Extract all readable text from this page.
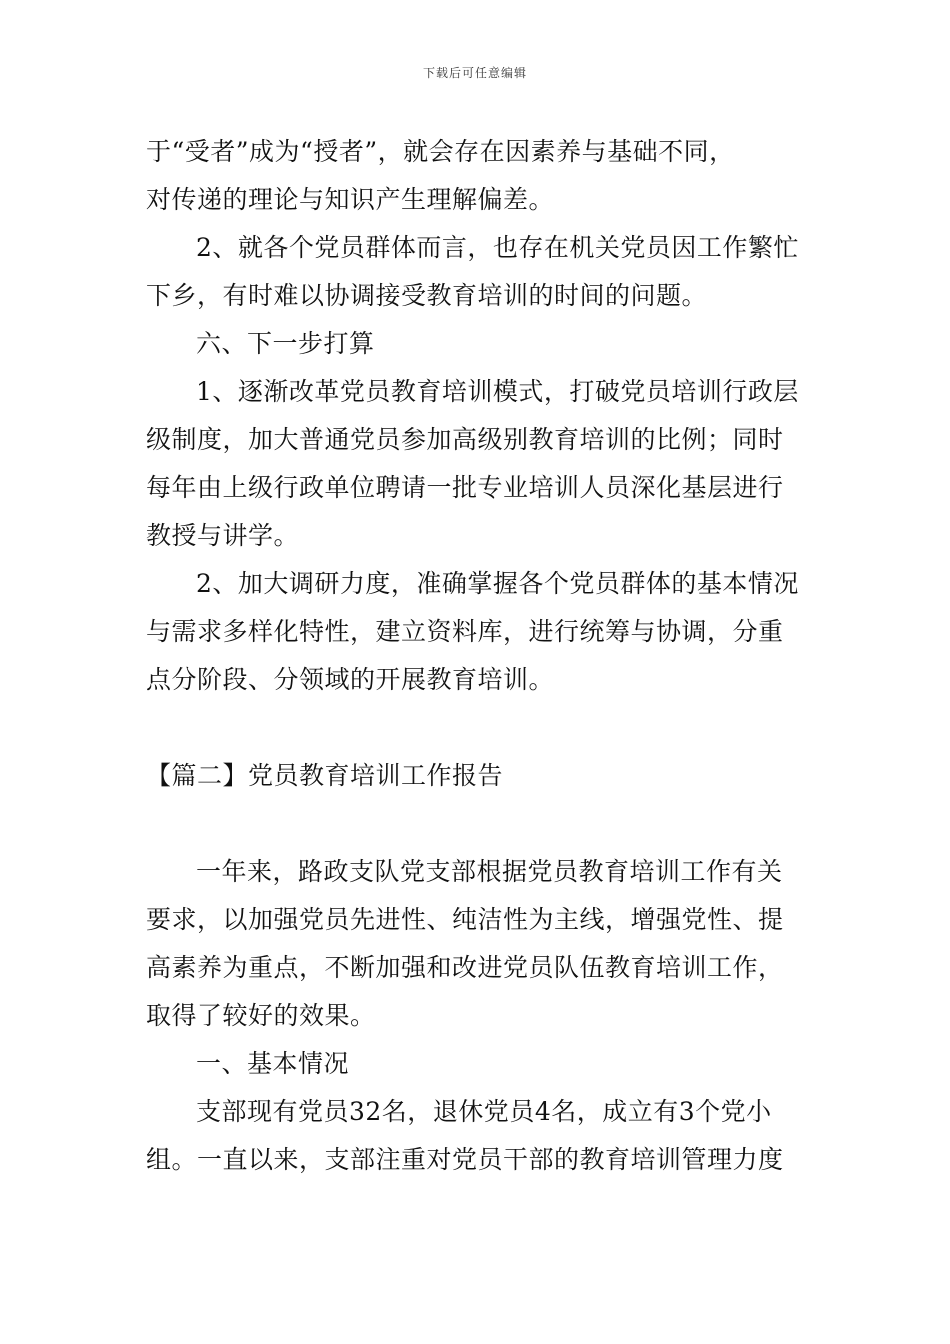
下载后可任意编辑
于“受者”成为“授者”，就会存在因素养与基础不同，
对传递的理论与知识产生理解偏差。
2、就各个党员群体而言，也存在机关党员因工作繁忙
下乡，有时难以协调接受教育培训的时间的问题。
六、下一步打算
1、逐渐改革党员教育培训模式，打破党员培训行政层
级制度，加大普通党员参加高级别教育培训的比例；同时
每年由上级行政单位聘请一批专业培训人员深化基层进行
教授与讲学。
2、加大调研力度，准确掌握各个党员群体的基本情况
与需求多样化特性，建立资料库，进行统筹与协调，分重
点分阶段、分领域的开展教育培训。
【篇二】党员教育培训工作报告
一年来，路政支队党支部根据党员教育培训工作有关
要求，以加强党员先进性、纯洁性为主线，增强党性、提
高素养为重点，不断加强和改进党员队伍教育培训工作，
取得了较好的效果。
一、基本情况
支部现有党员32名，退休党员4名，成立有3个党小
组。一直以来，支部注重对党员干部的教育培训管理力度
